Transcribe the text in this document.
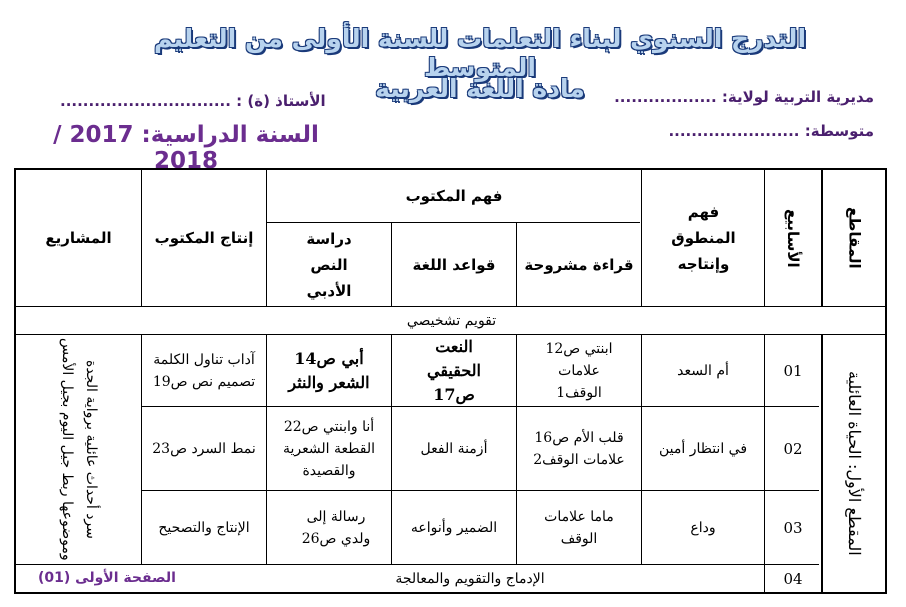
التدرج السنوي لبناء التعلمات للسنة الأولى من التعليم المتوسط
مادة اللغة العربية	مديرية التربية لولاية: ..................
متوسطة: .......................
الأستاذ (ة) : ..............................
السنة الدراسية: 2017 / 2018
المقاطع
الأسابيع
فهم المنطوق وإنتاجه
فهم المكتوب
قراءة مشروحة
قواعد اللغة
دراسة النص الأدبي
إنتاج المكتوب
المشاريع
تقويم تشخيصي
المقطع الأول: الحياة العائلية
سرد أحداث عائلية برواية الجدة وموضوعها ربط جيل اليوم بجيل الأمس	01
أم السعد
ابنتي ص12 علامات الوقف1
النعت الحقيقي ص17
أبي ص14 الشعر والنثر
آداب تناول الكلمة تصميم نص ص19
02
في انتظار أمين
قلب الأم ص16 علامات الوقف2
أزمنة الفعل
أنا وابنتي ص22 القطعة الشعرية والقصيدة
نمط السرد ص23
03
وداع
ماما علامات الوقف
الضمير وأنواعه
رسالة إلى ولدي ص26
الإنتاج والتصحيح
04
الإدماج والتقويم والمعالجة
الصفحة الأولى (01)
